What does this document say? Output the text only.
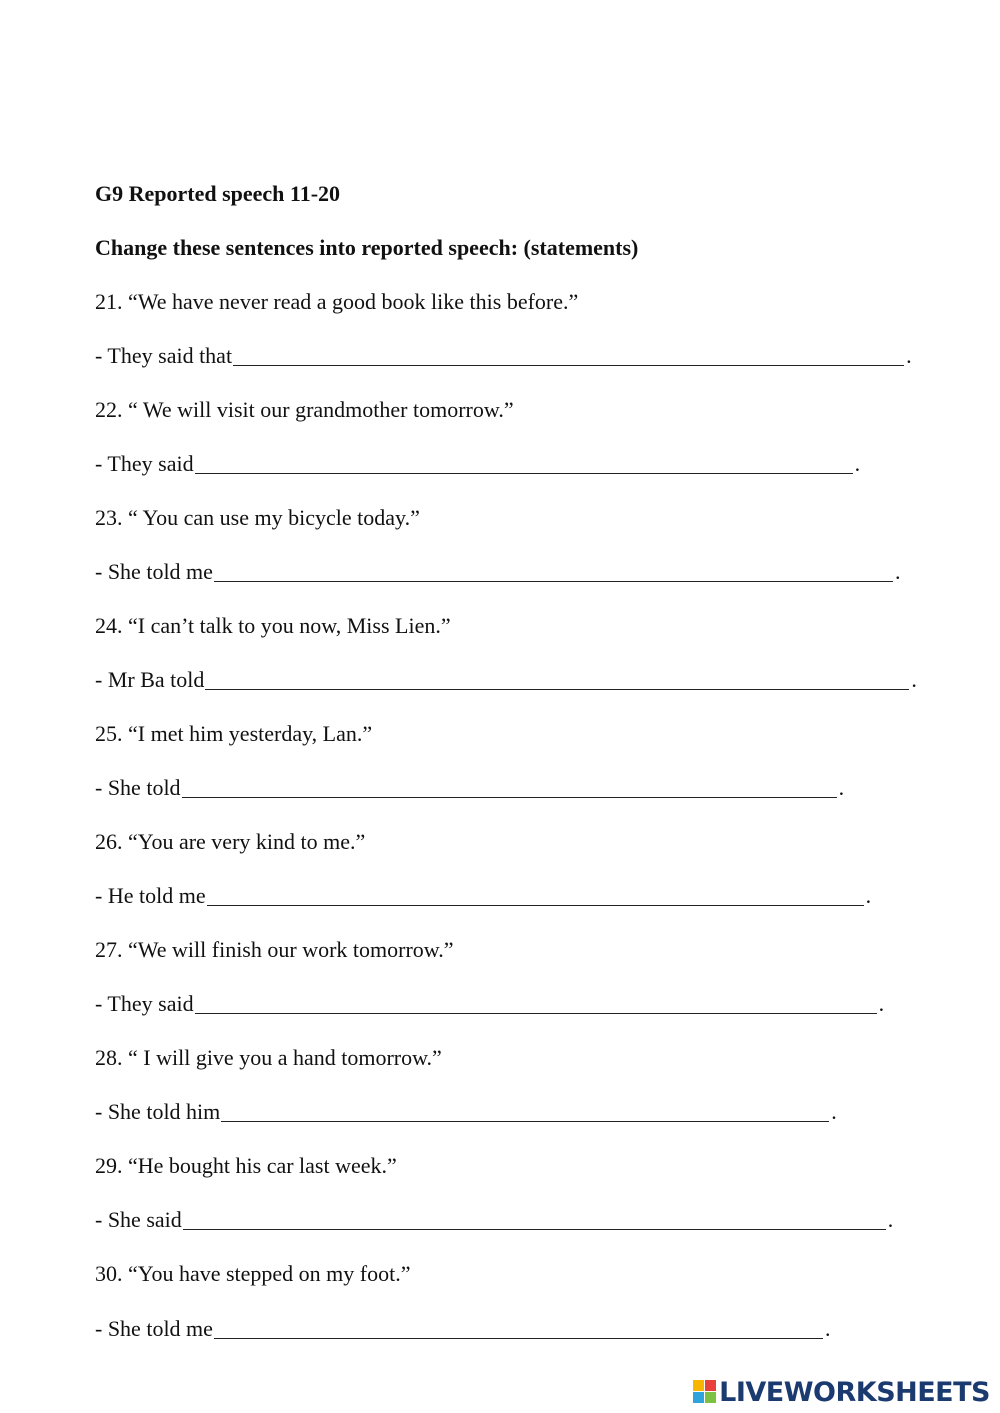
G9 Reported speech 11-20
Change these sentences into reported speech: (statements)
21. “We have never read a good book like this before.”
- They said that	.
22. “ We will visit our grandmother tomorrow.”
- They said	.
23. “ You can use my bicycle today.”
- She told me	.
24. “I can’t talk to you now, Miss Lien.”
- Mr Ba told	.
25. “I met him yesterday, Lan.”
- She told	.
26. “You are very kind to me.”
- He told me	.
27. “We will finish our work tomorrow.”
- They said	.
28. “ I will give you a hand tomorrow.”
- She told him	.
29. “He bought his car last week.”
- She said	.
30. “You have stepped on my foot.”
- She told me	.
LIVEWORKSHEETS
